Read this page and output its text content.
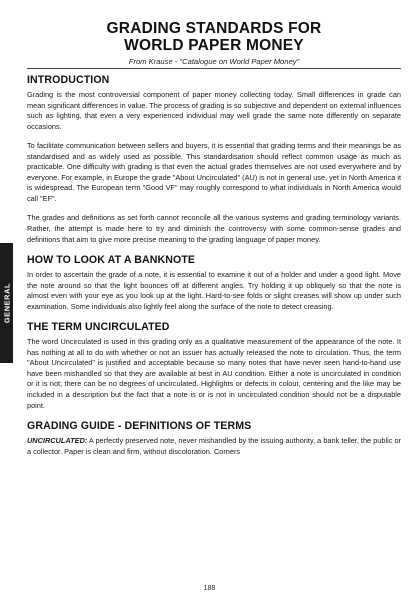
GRADING STANDARDS FOR
WORLD PAPER MONEY
From Krause - "Catalogue on World Paper Money"
INTRODUCTION

Grading is the most controversial component of paper money collecting today. Small differences in grade can mean significant differences in value. The process of grading is so subjective and dependent on external influences such as lighting, that even a very experienced individual may well grade the same note differently on separate occasions.

To facilitate communication between sellers and buyers, it is essential that grading terms and their meanings be as standardised and as widely used as possible. This standardisation should reflect common usage as much as practicable. One difficulty with grading is that even the actual grades themselves are not used everywhere and by everyone. For example, in Europe the grade "About Uncirculated" (AU) is not in general use, yet in North America it is widespread. The European term "Good VF" may roughly correspond to what individuals in North America would call "EF".

The grades and definitions as set forth cannot reconcile all the various systems and grading terminology variants. Rather, the attempt is made here to try and diminish the controversy with some common-sense grades and definitions that aim to give more precise meaning to the grading language of paper money.

HOW TO LOOK AT A BANKNOTE

In order to ascertain the grade of a note, it is essential to examine it out of a holder and under a good light. Move the note around so that the light bounces off at different angles. Try holding it up obliquely so that the note is almost even with your eye as you look up at the light. Hard-to-see folds or slight creases will show up under such examination. Some individuals also lightly feel along the surface of the note to detect creasing.

THE TERM UNCIRCULATED

The word Uncirculated is used in this grading only as a qualitative measurement of the appearance of the note. It has nothing at all to do with whether or not an issuer has actually released the note to circulation. Thus, the term "About Uncirculated" is justified and acceptable because so many notes that have never seen hand-to-hand use have been mishandled so that they are available at best in AU condition. Either a note is uncirculated in condition or it is not; there can be no degrees of uncirculated. Highlights or defects in colour, centering and the like may be included in a description but the fact that a note is or is not in uncirculated condition should not be a disputable point.

GRADING GUIDE - DEFINITIONS OF TERMS

UNCIRCULATED: A perfectly preserved note, never mishandled by the issuing authority, a bank teller, the public or a collector. Paper is clean and firm, without discoloration. Corners

GENERAL
188
